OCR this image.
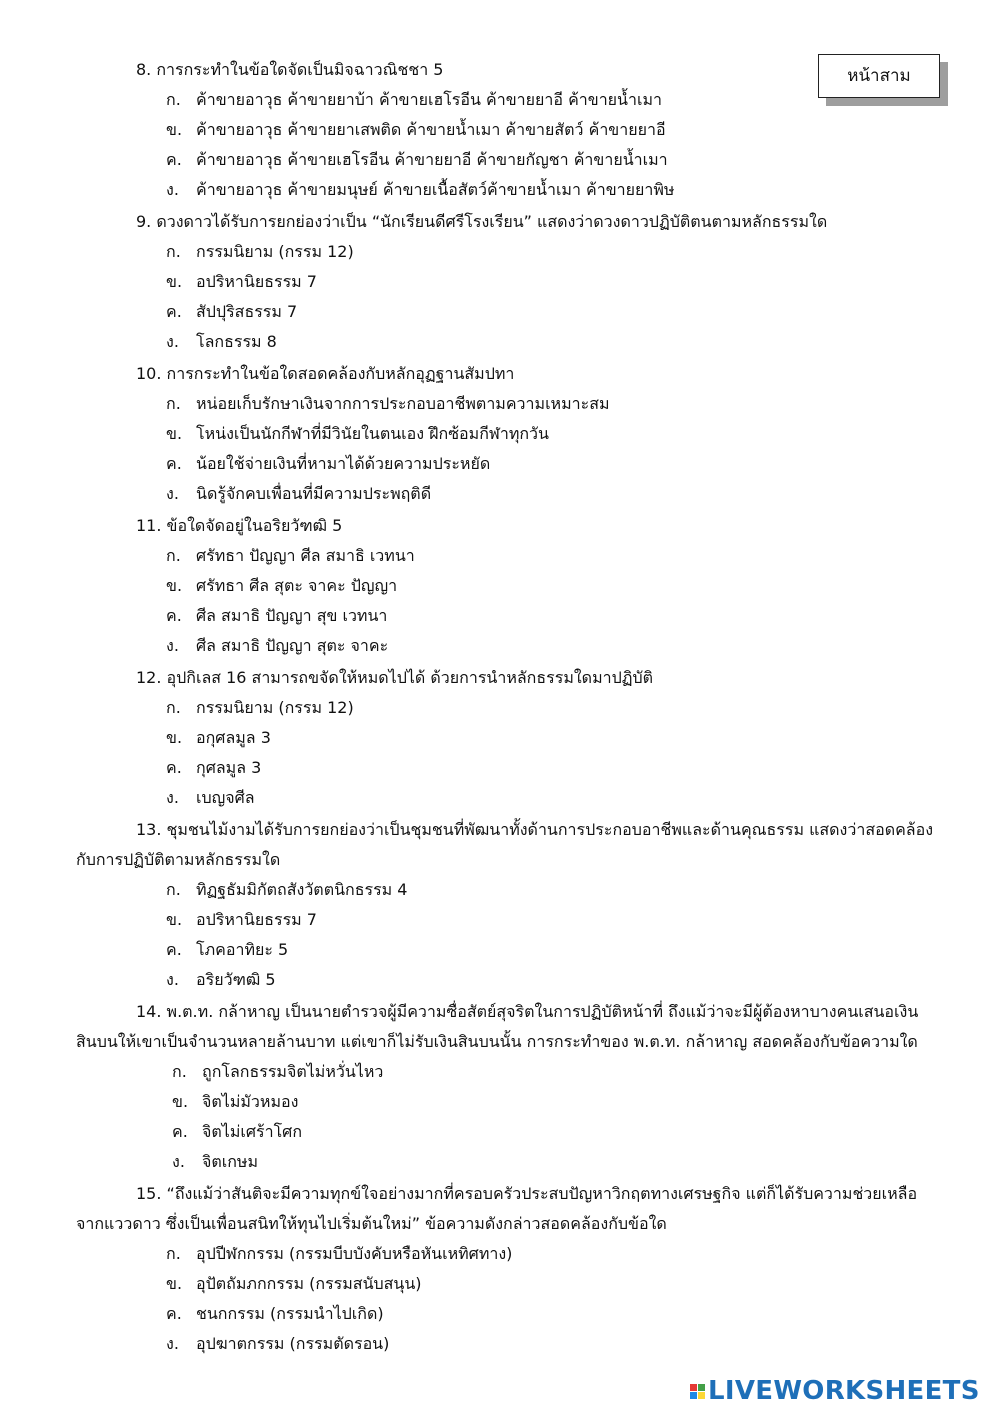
หน้าสาม
8. การกระทำในข้อใดจัดเป็นมิจฉาวณิชชา 5
ก. ค้าขายอาวุธ ค้าขายยาบ้า ค้าขายเฮโรอีน ค้าขายยาอี ค้าขายน้ำเมา
ข. ค้าขายอาวุธ ค้าขายยาเสพติด ค้าขายน้ำเมา ค้าขายสัตว์ ค้าขายยาอี
ค. ค้าขายอาวุธ ค้าขายเฮโรอีน ค้าขายยาอี ค้าขายกัญชา ค้าขายน้ำเมา
ง. ค้าขายอาวุธ ค้าขายมนุษย์ ค้าขายเนื้อสัตว์ค้าขายน้ำเมา ค้าขายยาพิษ
9. ดวงดาวได้รับการยกย่องว่าเป็น “นักเรียนดีศรีโรงเรียน” แสดงว่าดวงดาวปฏิบัติตนตามหลักธรรมใด
ก. กรรมนิยาม (กรรม 12)
ข. อปริหานิยธรรม 7
ค. สัปปุริสธรรม 7
ง. โลกธรรม 8
10. การกระทำในข้อใดสอดคล้องกับหลักอุฏฐานสัมปทา
ก. หน่อยเก็บรักษาเงินจากการประกอบอาชีพตามความเหมาะสม
ข. โหน่งเป็นนักกีฬาที่มีวินัยในตนเอง ฝึกซ้อมกีฬาทุกวัน
ค. น้อยใช้จ่ายเงินที่หามาได้ด้วยความประหยัด
ง. นิดรู้จักคบเพื่อนที่มีความประพฤติดี
11. ข้อใดจัดอยู่ในอริยวัฑฒิ 5
ก. ศรัทธา ปัญญา ศีล สมาธิ เวทนา
ข. ศรัทธา ศีล สุตะ จาคะ ปัญญา
ค. ศีล สมาธิ ปัญญา สุข เวทนา
ง. ศีล สมาธิ ปัญญา สุตะ จาคะ
12. อุปกิเลส 16 สามารถขจัดให้หมดไปได้ ด้วยการนำหลักธรรมใดมาปฏิบัติ
ก. กรรมนิยาม (กรรม 12)
ข. อกุศลมูล 3
ค. กุศลมูล 3
ง. เบญจศีล
13. ชุมชนไม้งามได้รับการยกย่องว่าเป็นชุมชนที่พัฒนาทั้งด้านการประกอบอาชีพและด้านคุณธรรม แสดงว่าสอดคล้อง
กับการปฏิบัติตามหลักธรรมใด
ก. ทิฏฐธัมมิกัตถสังวัตตนิกธรรม 4
ข. อปริหานิยธรรม 7
ค. โภคอาทิยะ 5
ง. อริยวัฑฒิ 5
14. พ.ต.ท. กล้าหาญ เป็นนายตำรวจผู้มีความซื่อสัตย์สุจริตในการปฏิบัติหน้าที่ ถึงแม้ว่าจะมีผู้ต้องหาบางคนเสนอเงิน
สินบนให้เขาเป็นจำนวนหลายล้านบาท แต่เขาก็ไม่รับเงินสินบนนั้น การกระทำของ พ.ต.ท. กล้าหาญ สอดคล้องกับข้อความใด
ก. ถูกโลกธรรมจิตไม่หวั่นไหว
ข. จิตไม่มัวหมอง
ค. จิตไม่เศร้าโศก
ง. จิตเกษม
15. “ถึงแม้ว่าสันติจะมีความทุกข์ใจอย่างมากที่ครอบครัวประสบปัญหาวิกฤตทางเศรษฐกิจ แต่ก็ได้รับความช่วยเหลือ
จากแววดาว ซึ่งเป็นเพื่อนสนิทให้ทุนไปเริ่มต้นใหม่” ข้อความดังกล่าวสอดคล้องกับข้อใด
ก. อุปปีฬกกรรม (กรรมบีบบังคับหรือหันเหทิศทาง)
ข. อุปัตถัมภกกรรม (กรรมสนับสนุน)
ค. ชนกกรรม (กรรมนำไปเกิด)
ง. อุปฆาตกรรม (กรรมตัดรอน)
LIVEWORKSHEETS
